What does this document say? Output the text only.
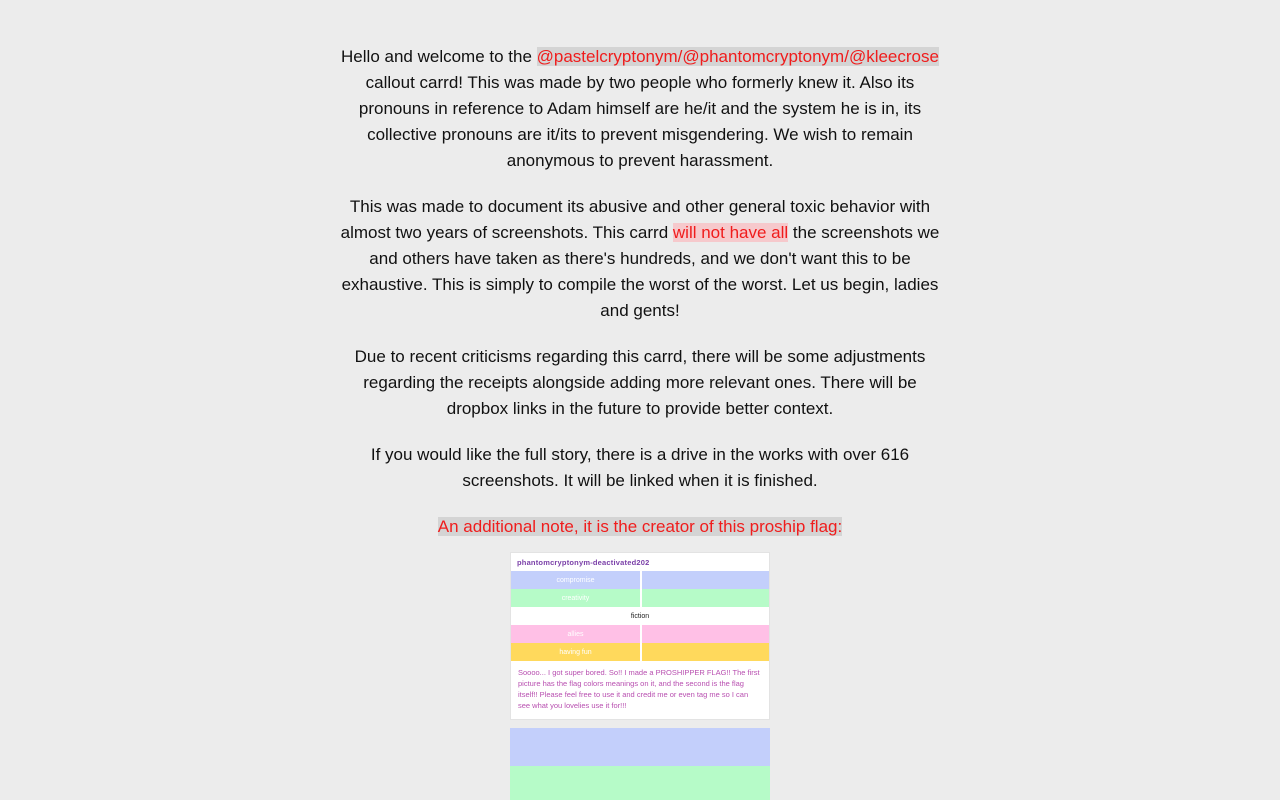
Hello and welcome to the @pastelcryptonym/@phantomcryptonym/@kleecrose callout carrd! This was made by two people who formerly knew it. Also its pronouns in reference to Adam himself are he/it and the system he is in, its collective pronouns are it/its to prevent misgendering. We wish to remain anonymous to prevent harassment.

This was made to document its abusive and other general toxic behavior with almost two years of screenshots. This carrd will not have all the screenshots we and others have taken as there's hundreds, and we don't want this to be exhaustive. This is simply to compile the worst of the worst. Let us begin, ladies and gents!

Due to recent criticisms regarding this carrd, there will be some adjustments regarding the receipts alongside adding more relevant ones. There will be dropbox links in the future to provide better context.

If you would like the full story, there is a drive in the works with over 616 screenshots. It will be linked when it is finished.

An additional note, it is the creator of this proship flag:

phantomcryptonym-deactivated202
compromise
creativity
fiction
allies
having fun
Soooo... I got super bored. So!! I made a PROSHIPPER FLAG!! The first picture has the flag colors meanings on it, and the second is the flag itself!! Please feel free to use it and credit me or even tag me so I can see what you lovelies use it for!!!
